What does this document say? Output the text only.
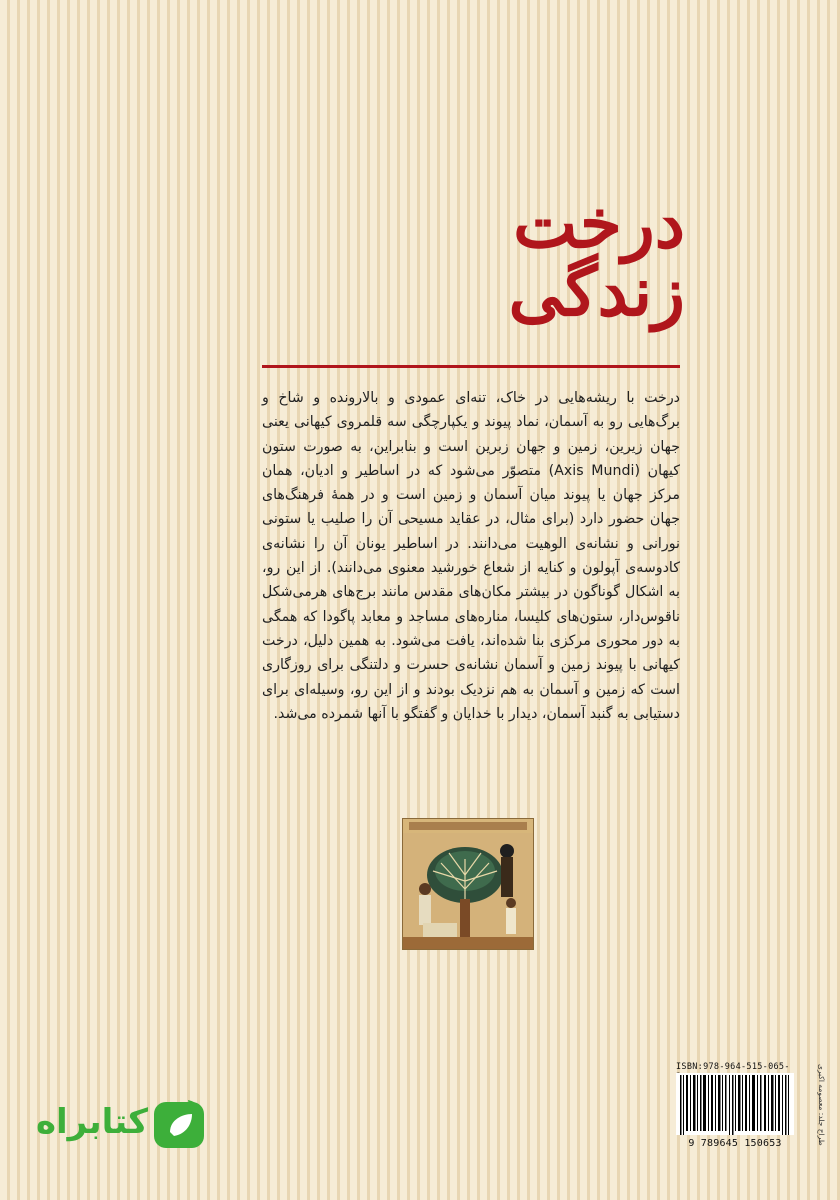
درخت زندگی

درخت با ریشه‌هایی در خاک، تنه‌ای عمودی و بالارونده و شاخ و برگ‌هایی رو به آسمان، نماد پیوند و یکپارچگی سه قلمروی کیهانی یعنی جهان زیرین، زمین و جهان زبرین است و بنابراین، به صورت ستون کیهان (Axis Mundi) متصوّر می‌شود که در اساطیر و ادیان، همان مرکز جهان یا پیوند میان آسمان و زمین است و در همهٔ فرهنگ‌های جهان حضور دارد (برای مثال، در عقاید مسیحی آن را صلیب یا ستونی نورانی و نشانه‌ی الوهیت می‌دانند. در اساطیر یونان آن را نشانه‌ی کادوسه‌ی آپولون و کنایه از شعاع خورشید معنوی می‌دانند). از این رو، به اشکال گوناگون در بیشتر مکان‌های مقدس مانند برج‌های هرمی‌شکل ناقوس‌دار، ستون‌های کلیسا، مناره‌های مساجد و معابد پاگودا که همگی به دور محوری مرکزی بنا شده‌اند، یافت می‌شود. به همین دلیل، درخت کیهانی با پیوند زمین و آسمان نشانه‌ی حسرت و دلتنگی برای روزگاری است که زمین و آسمان به هم نزدیک بودند و از این رو، وسیله‌ای برای دستیابی به گنبد آسمان، دیدار با خدایان و گفتگو با آنها شمرده می‌شد.

ISBN:978-964-515-065-
9 789645 150653	طراح جلد: معصومه اکبری
کتابراه
